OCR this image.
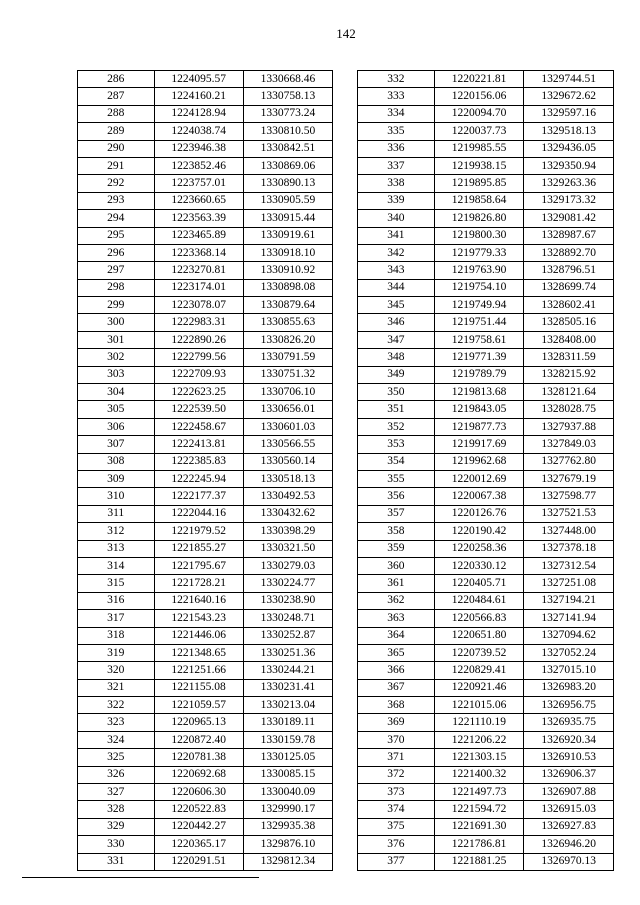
142
286	1224095.57	1330668.46
287	1224160.21	1330758.13
288	1224128.94	1330773.24
289	1224038.74	1330810.50
290	1223946.38	1330842.51
291	1223852.46	1330869.06
292	1223757.01	1330890.13
293	1223660.65	1330905.59
294	1223563.39	1330915.44
295	1223465.89	1330919.61
296	1223368.14	1330918.10
297	1223270.81	1330910.92
298	1223174.01	1330898.08
299	1223078.07	1330879.64
300	1222983.31	1330855.63
301	1222890.26	1330826.20
302	1222799.56	1330791.59
303	1222709.93	1330751.32
304	1222623.25	1330706.10
305	1222539.50	1330656.01
306	1222458.67	1330601.03
307	1222413.81	1330566.55
308	1222385.83	1330560.14
309	1222245.94	1330518.13
310	1222177.37	1330492.53
311	1222044.16	1330432.62
312	1221979.52	1330398.29
313	1221855.27	1330321.50
314	1221795.67	1330279.03
315	1221728.21	1330224.77
316	1221640.16	1330238.90
317	1221543.23	1330248.71
318	1221446.06	1330252.87
319	1221348.65	1330251.36
320	1221251.66	1330244.21
321	1221155.08	1330231.41
322	1221059.57	1330213.04
323	1220965.13	1330189.11
324	1220872.40	1330159.78
325	1220781.38	1330125.05
326	1220692.68	1330085.15
327	1220606.30	1330040.09
328	1220522.83	1329990.17
329	1220442.27	1329935.38
330	1220365.17	1329876.10
331	1220291.51	1329812.34
332	1220221.81	1329744.51
333	1220156.06	1329672.62
334	1220094.70	1329597.16
335	1220037.73	1329518.13
336	1219985.55	1329436.05
337	1219938.15	1329350.94
338	1219895.85	1329263.36
339	1219858.64	1329173.32
340	1219826.80	1329081.42
341	1219800.30	1328987.67
342	1219779.33	1328892.70
343	1219763.90	1328796.51
344	1219754.10	1328699.74
345	1219749.94	1328602.41
346	1219751.44	1328505.16
347	1219758.61	1328408.00
348	1219771.39	1328311.59
349	1219789.79	1328215.92
350	1219813.68	1328121.64
351	1219843.05	1328028.75
352	1219877.73	1327937.88
353	1219917.69	1327849.03
354	1219962.68	1327762.80
355	1220012.69	1327679.19
356	1220067.38	1327598.77
357	1220126.76	1327521.53
358	1220190.42	1327448.00
359	1220258.36	1327378.18
360	1220330.12	1327312.54
361	1220405.71	1327251.08
362	1220484.61	1327194.21
363	1220566.83	1327141.94
364	1220651.80	1327094.62
365	1220739.52	1327052.24
366	1220829.41	1327015.10
367	1220921.46	1326983.20
368	1221015.06	1326956.75
369	1221110.19	1326935.75
370	1221206.22	1326920.34
371	1221303.15	1326910.53
372	1221400.32	1326906.37
373	1221497.73	1326907.88
374	1221594.72	1326915.03
375	1221691.30	1326927.83
376	1221786.81	1326946.20
377	1221881.25	1326970.13
